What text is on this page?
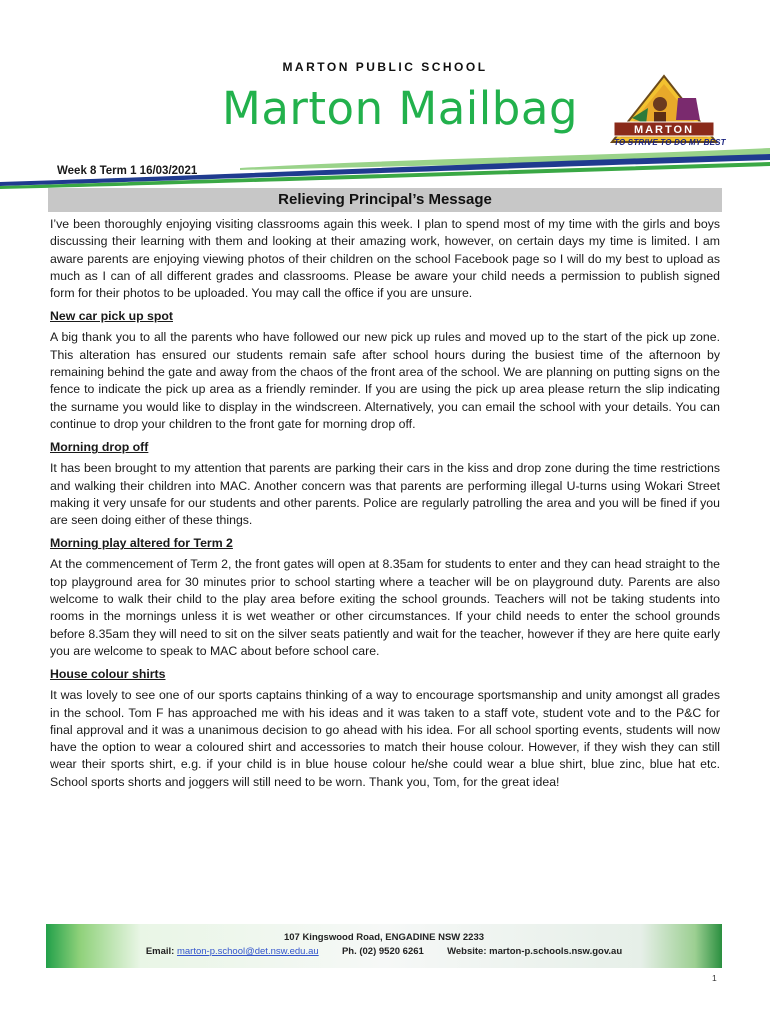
MARTON PUBLIC SCHOOL
Marton Mailbag	MARTON
TO STRIVE TO DO MY BEST
Week 8 Term 1 16/03/2021
Relieving Principal’s Message

I’ve been thoroughly enjoying visiting classrooms again this week. I plan to spend most of my time with the girls and boys discussing their learning with them and looking at their amazing work, however, on certain days my time is limited. I am aware parents are enjoying viewing photos of their children on the school Facebook page so I will do my best to upload as much as I can of all different grades and classrooms. Please be aware your child needs a permission to publish signed form for their photos to be uploaded. You may call the office if you are unsure.

New car pick up spot

A big thank you to all the parents who have followed our new pick up rules and moved up to the start of the pick up zone. This alteration has ensured our students remain safe after school hours during the busiest time of the afternoon by remaining behind the gate and away from the chaos of the front area of the school. We are planning on putting signs on the fence to indicate the pick up area as a friendly reminder. If you are using the pick up area please return the slip indicating the surname you would like to display in the windscreen. Alternatively, you can email the school with your details. You can continue to drop your children to the front gate for morning drop off.

Morning drop off

It has been brought to my attention that parents are parking their cars in the kiss and drop zone during the time restrictions and walking their children into MAC. Another concern was that parents are performing illegal U-turns using Wokari Street making it very unsafe for our students and other parents. Police are regularly patrolling the area and you will be fined if you are seen doing either of these things.

Morning play altered for Term 2

At the commencement of Term 2, the front gates will open at 8.35am for students to enter and they can head straight to the top playground area for 30 minutes prior to school starting where a teacher will be on playground duty. Parents are also welcome to walk their child to the play area before exiting the school grounds. Teachers will not be taking students into rooms in the mornings unless it is wet weather or other circumstances. If your child needs to enter the school grounds before 8.35am they will need to sit on the silver seats patiently and wait for the teacher, however if they are here quite early you are welcome to speak to MAC about before school care.

House colour shirts

It was lovely to see one of our sports captains thinking of a way to encourage sportsmanship and unity amongst all grades in the school. Tom F has approached me with his ideas and it was taken to a staff vote, student vote and to the P&C for final approval and it was a unanimous decision to go ahead with his idea. For all school sporting events, students will now have the option to wear a coloured shirt and accessories to match their house colour. However, if they wish they can still wear their sports shirt, e.g. if your child is in blue house colour he/she could wear a blue shirt, blue zinc, blue hat etc. School sports shorts and joggers will still need to be worn. Thank you, Tom, for the great idea!

107 Kingswood Road, ENGADINE NSW 2233
Email: marton-p.school@det.nsw.edu.au Ph. (02) 9520 6261 Website: marton-p.schools.nsw.gov.au
1
